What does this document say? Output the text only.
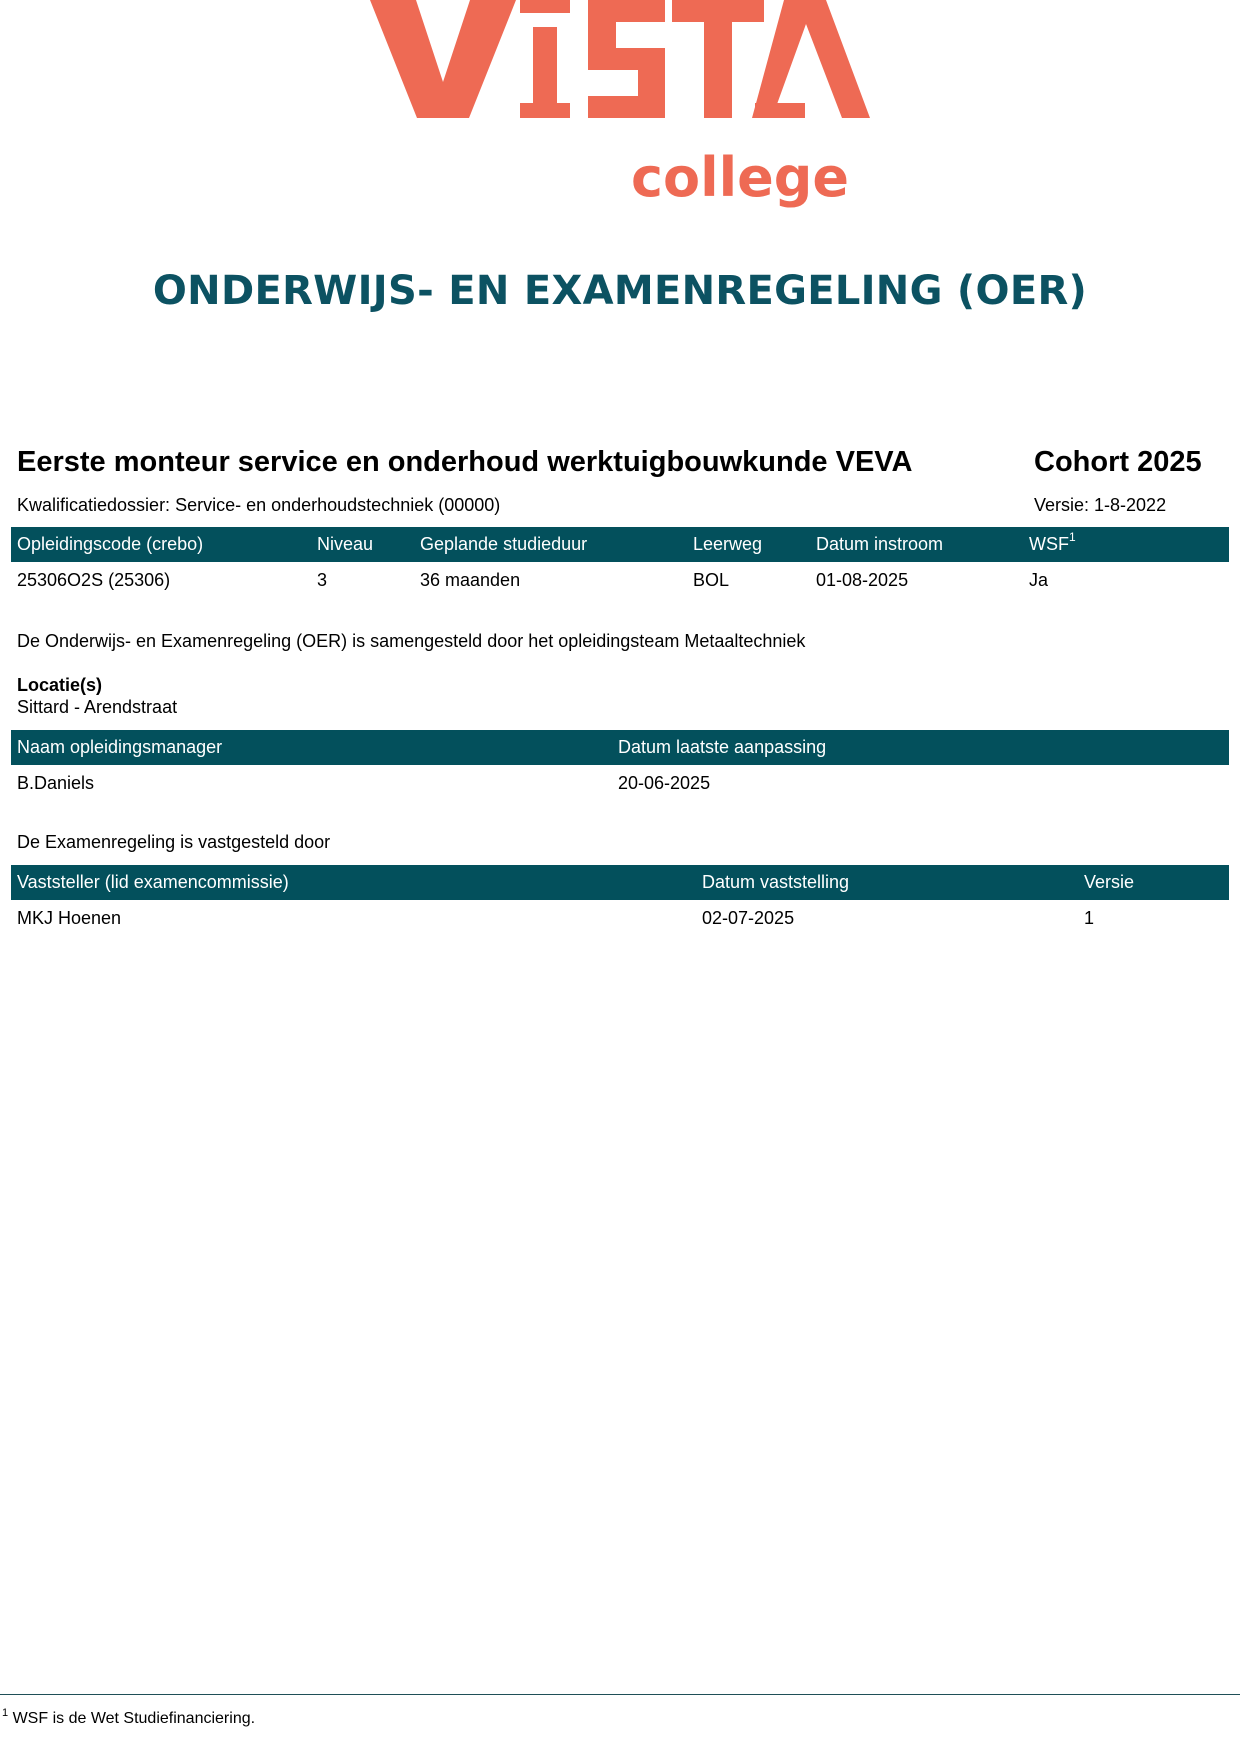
college
ONDERWIJS- EN EXAMENREGELING (OER)
Eerste monteur service en onderhoud werktuigbouwkunde VEVA	Cohort 2025
Kwalificatiedossier: Service- en onderhoudstechniek (00000)	Versie: 1-8-2022
Opleidingscode (crebo)	Niveau	Geplande studieduur	Leerweg	Datum instroom	WSF$^1$
25306O2S (25306)	3	36 maanden	BOL	01-08-2025	Ja
De Onderwijs- en Examenregeling (OER) is samengesteld door het opleidingsteam Metaaltechniek
Locatie(s)
Sittard - Arendstraat
Naam opleidingsmanager	Datum laatste aanpassing
B.Daniels	20-06-2025
De Examenregeling is vastgesteld door
Vaststeller (lid examencommissie)	Datum vaststelling	Versie
MKJ Hoenen	02-07-2025	1
$^1$ WSF is de Wet Studiefinanciering.
